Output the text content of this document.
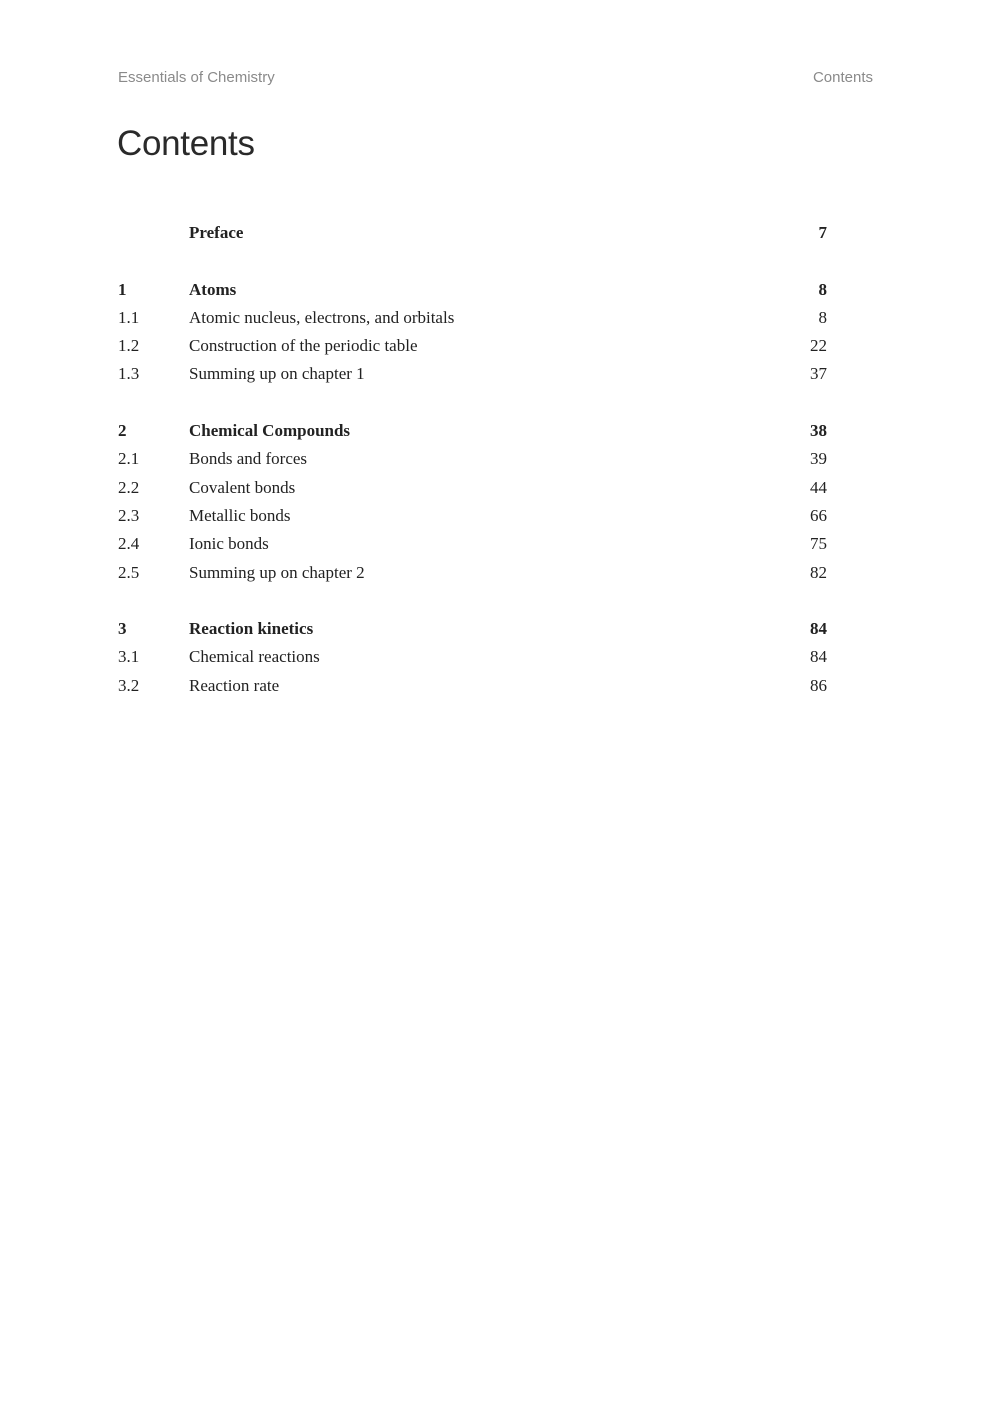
Essentials of Chemistry	Contents
Contents
Preface	7
1	Atoms	8
1.1	Atomic nucleus, electrons, and orbitals	8
1.2	Construction of the periodic table	22
1.3	Summing up on chapter 1	37
2	Chemical Compounds	38
2.1	Bonds and forces	39
2.2	Covalent bonds	44
2.3	Metallic bonds	66
2.4	Ionic bonds	75
2.5	Summing up on chapter 2	82
3	Reaction kinetics	84
3.1	Chemical reactions	84
3.2	Reaction rate	86
